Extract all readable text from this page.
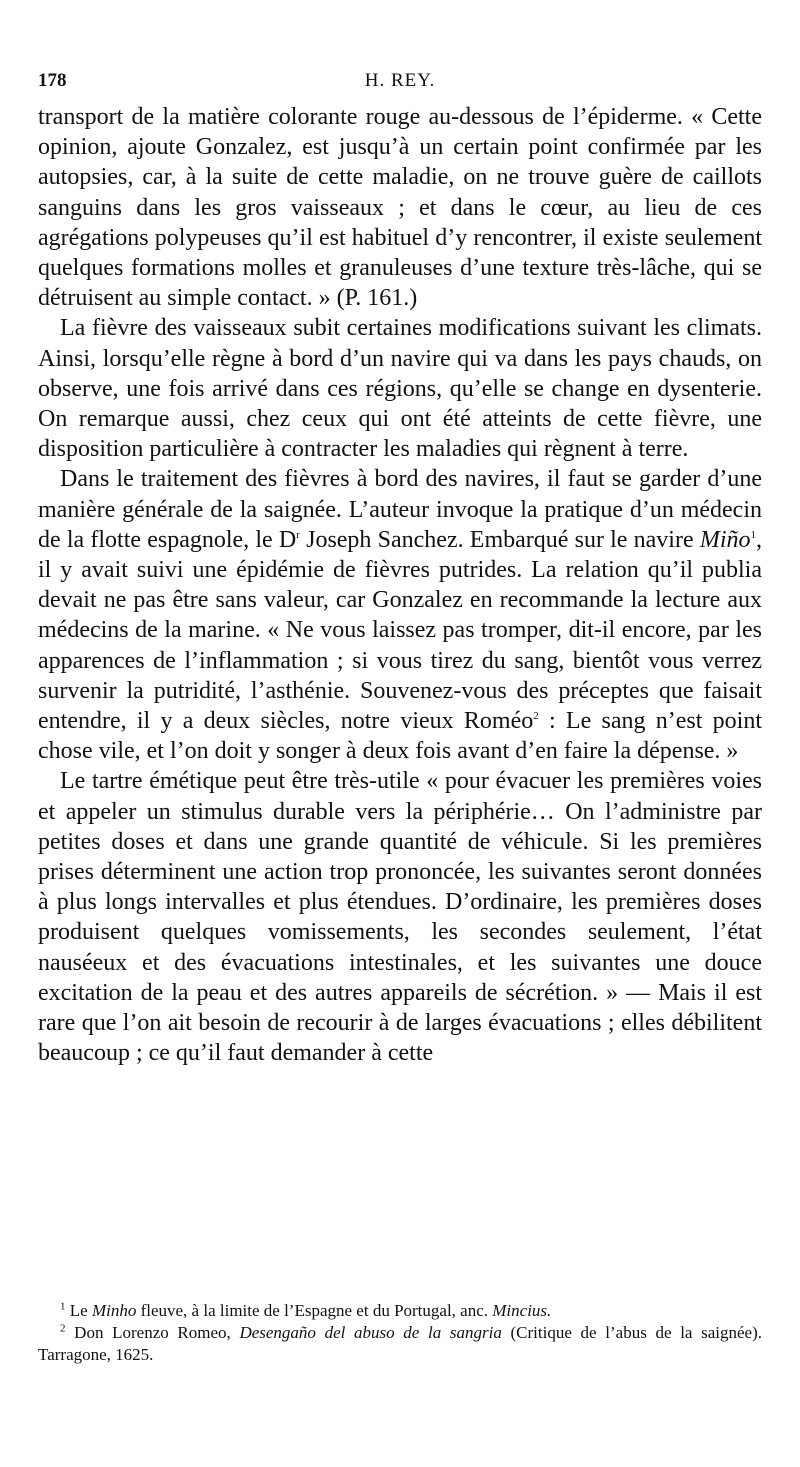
178	H. REY.

transport de la matière colorante rouge au-dessous de l’épiderme. « Cette opinion, ajoute Gonzalez, est jusqu’à un certain point confirmée par les autopsies, car, à la suite de cette maladie, on ne trouve guère de caillots sanguins dans les gros vaisseaux ; et dans le cœur, au lieu de ces agrégations polypeuses qu’il est habituel d’y rencontrer, il existe seulement quelques formations molles et granuleuses d’une texture très-lâche, qui se détruisent au simple contact. » (P. 161.)

La fièvre des vaisseaux subit certaines modifications suivant les climats. Ainsi, lorsqu’elle règne à bord d’un navire qui va dans les pays chauds, on observe, une fois arrivé dans ces régions, qu’elle se change en dysenterie. On remarque aussi, chez ceux qui ont été atteints de cette fièvre, une disposition particulière à contracter les maladies qui règnent à terre.

Dans le traitement des fièvres à bord des navires, il faut se garder d’une manière générale de la saignée. L’auteur invoque la pratique d’un médecin de la flotte espagnole, le $D^r$ Joseph Sanchez. Embarqué sur le navire Miño$^1$, il y avait suivi une épidémie de fièvres putrides. La relation qu’il publia devait ne pas être sans valeur, car Gonzalez en recommande la lecture aux médecins de la marine. « Ne vous laissez pas tromper, dit-il encore, par les apparences de l’inflammation ; si vous tirez du sang, bientôt vous verrez survenir la putridité, l’asthénie. Souvenez-vous des préceptes que faisait entendre, il y a deux siècles, notre vieux Roméo$^2$ : Le sang n’est point chose vile, et l’on doit y songer à deux fois avant d’en faire la dépense. »

Le tartre émétique peut être très-utile « pour évacuer les premières voies et appeler un stimulus durable vers la périphérie… On l’administre par petites doses et dans une grande quantité de véhicule. Si les premières prises déterminent une action trop prononcée, les suivantes seront données à plus longs intervalles et plus étendues. D’ordinaire, les premières doses produisent quelques vomissements, les secondes seulement, l’état nauséeux et des évacuations intestinales, et les suivantes une douce excitation de la peau et des autres appareils de sécrétion. » — Mais il est rare que l’on ait besoin de recourir à de larges évacuations ; elles débilitent beaucoup ; ce qu’il faut demander à cette

$^1$ Le Minho fleuve, à la limite de l’Espagne et du Portugal, anc. Mincius.

$^2$ Don Lorenzo Romeo, Desengaño del abuso de la sangria (Critique de l’abus de la saignée). Tarragone, 1625.
